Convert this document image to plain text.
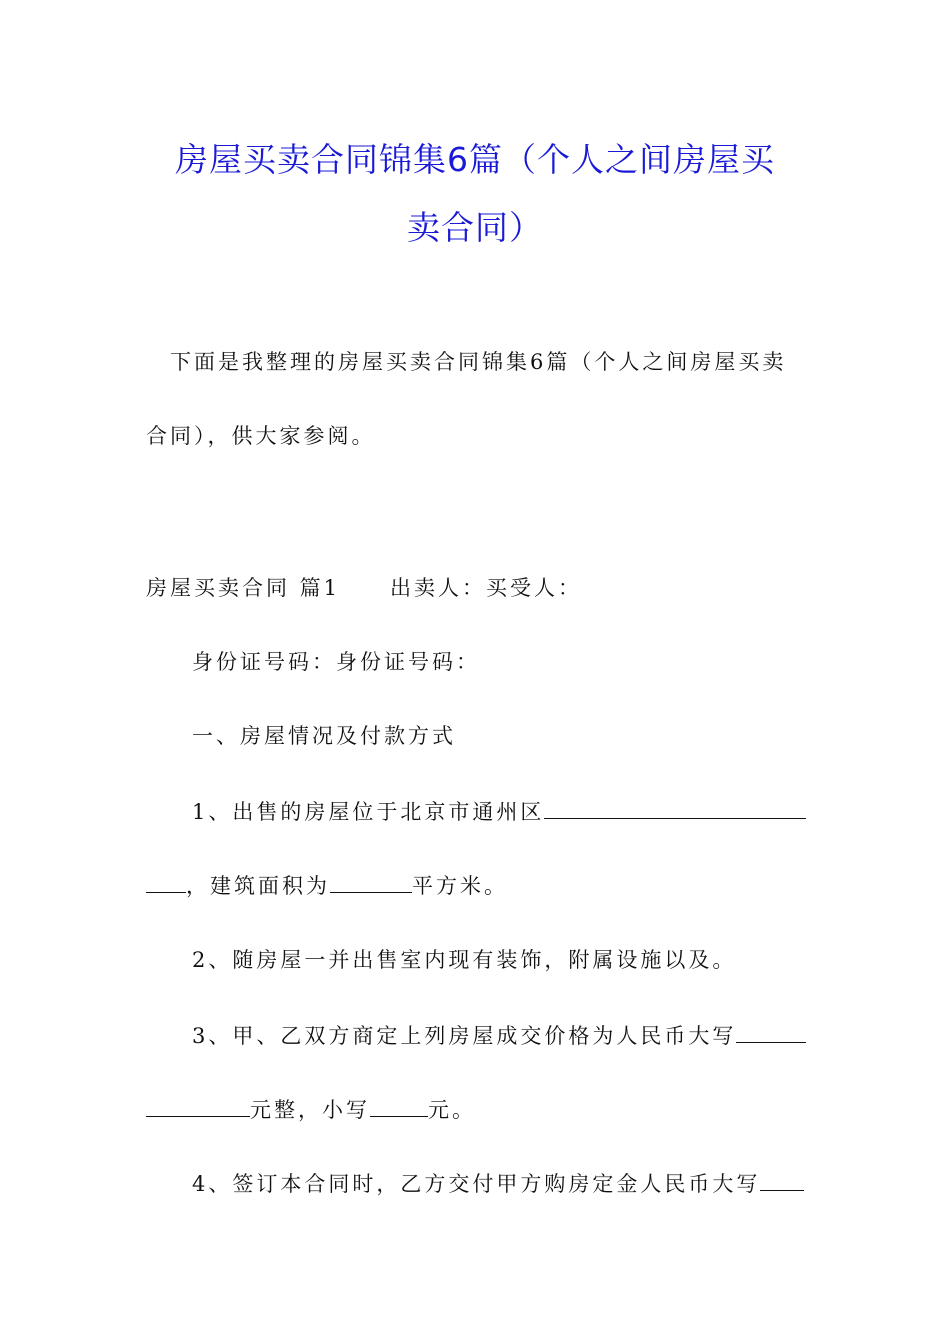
房屋买卖合同锦集6篇（个人之间房屋买
卖合同）
下面是我整理的房屋买卖合同锦集6篇（个人之间房屋买卖
合同），供大家参阅。
房屋买卖合同 篇1 出卖人：买受人：
身份证号码：身份证号码：
一、房屋情况及付款方式
1、出售的房屋位于北京市通州区
，建筑面积为	平方米。
2、随房屋一并出售室内现有装饰，附属设施以及。
3、甲、乙双方商定上列房屋成交价格为人民币大写
元整，小写	元。
4、签订本合同时，乙方交付甲方购房定金人民币大写
